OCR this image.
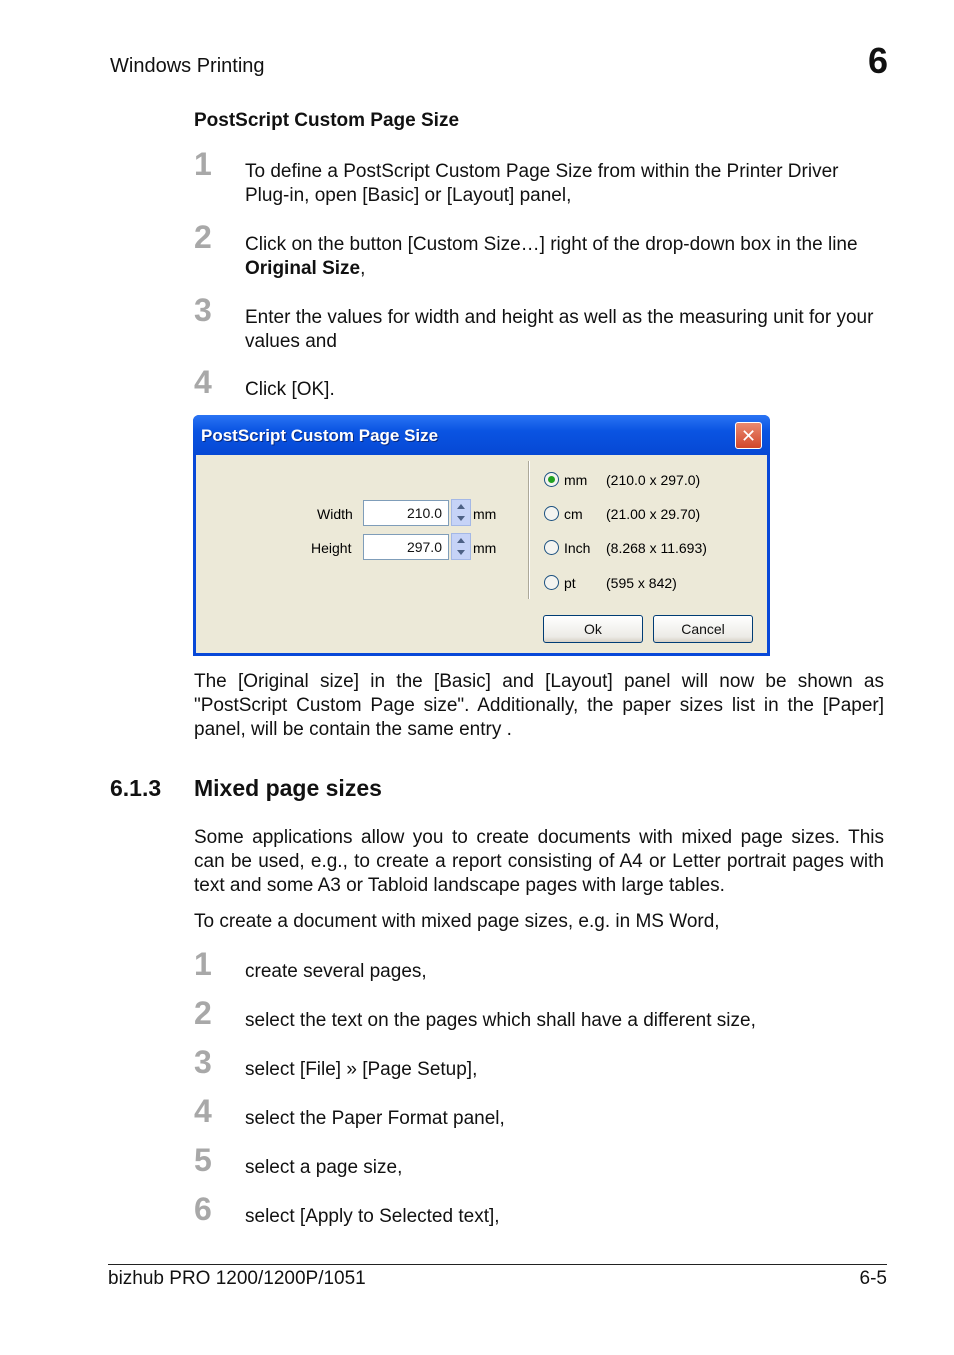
Windows Printing	6
PostScript Custom Page Size
1	To define a PostScript Custom Page Size from within the Printer Driver Plug-in, open [Basic] or [Layout] panel,
2	Click on the button [Custom Size…] right of the drop-down box in the line Original Size,
3	Enter the values for width and height as well as the measuring unit for your values and
4	Click [OK].
PostScript Custom Page Size	✕
Width	210.0	mm
Height	297.0	mm
mm (210.0 x 297.0)
cm (21.00 x 29.70)
Inch (8.268 x 11.693)
pt (595 x 842)
Ok	Cancel
The [Original size] in the [Basic] and [Layout] panel will now be shown as "PostScript Custom Page size". Additionally, the paper sizes list in the [Paper] panel, will be contain the same entry .
6.1.3 Mixed page sizes
Some applications allow you to create documents with mixed page sizes. This can be used, e.g., to create a report consisting of A4 or Letter portrait pages with text and some A3 or Tabloid landscape pages with large tables.
To create a document with mixed page sizes, e.g. in MS Word,
1	create several pages,
2	select the text on the pages which shall have a different size,
3	select [File] » [Page Setup],
4	select the Paper Format panel,
5	select a page size,
6	select [Apply to Selected text],
bizhub PRO 1200/1200P/1051	6-5
